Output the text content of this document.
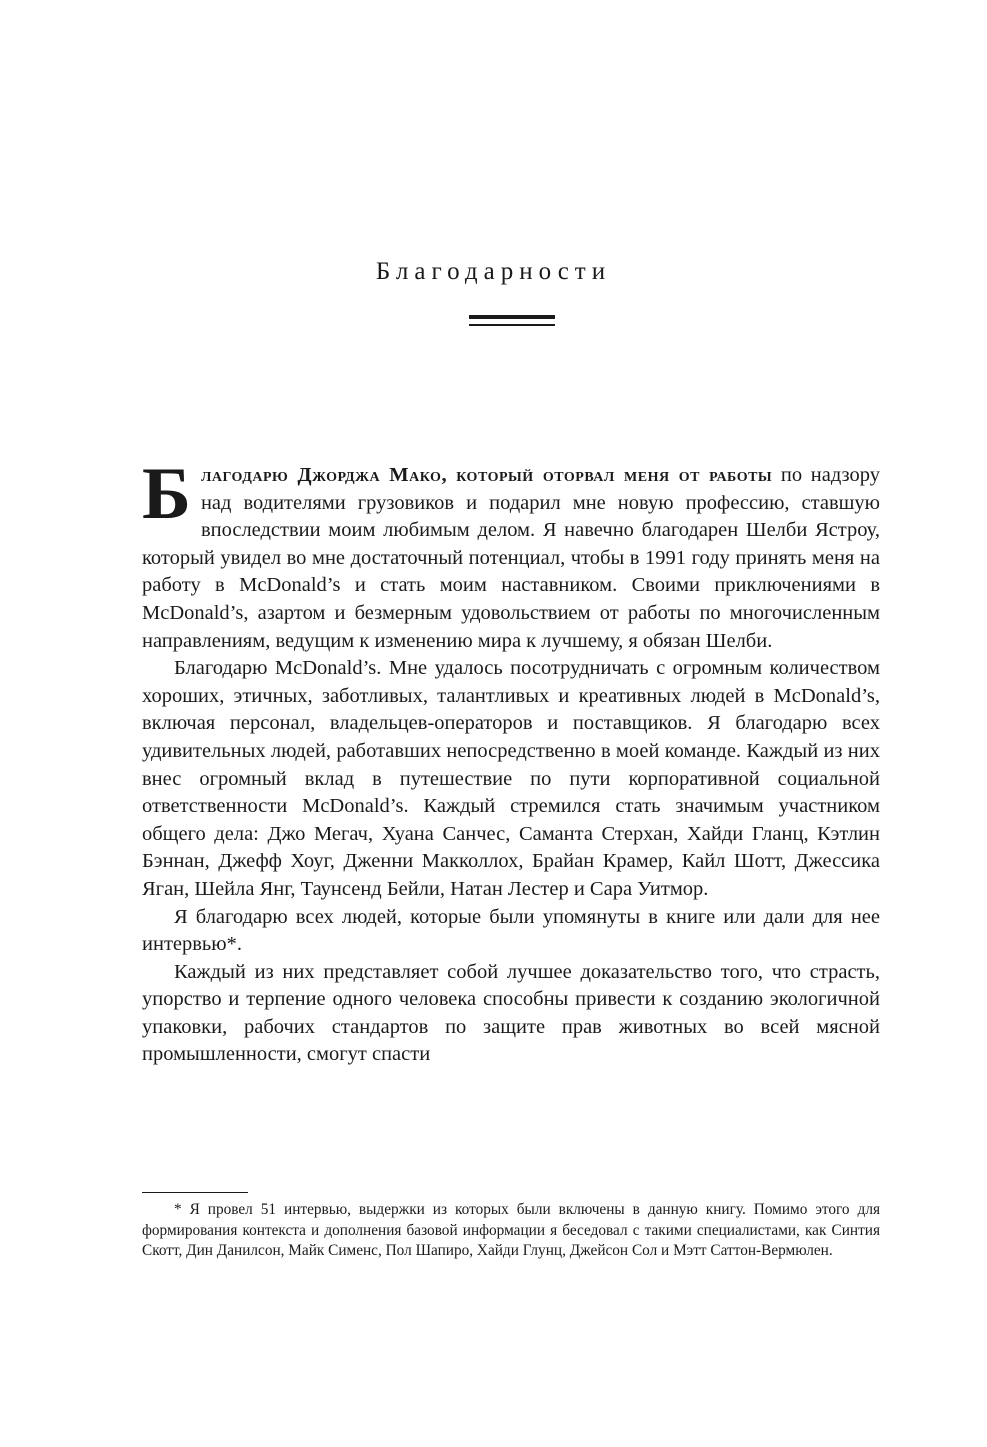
Благодарности

Благодарю Джорджа Мако, который оторвал меня от работы по надзору над водителями грузовиков и подарил мне новую профессию, ставшую впоследствии моим любимым делом. Я навечно благодарен Шелби Ястроу, который увидел во мне достаточный потенциал, чтобы в 1991 году принять меня на работу в McDonald’s и стать моим наставником. Своими приключениями в McDonald’s, азартом и безмерным удовольствием от работы по многочисленным направлениям, ведущим к изменению мира к лучшему, я обязан Шелби.

Благодарю McDonald’s. Мне удалось посотрудничать с огромным количеством хороших, этичных, заботливых, талантливых и креативных людей в McDonald’s, включая персонал, владельцев-операторов и поставщиков. Я благодарю всех удивительных людей, работавших непосредственно в моей команде. Каждый из них внес огромный вклад в путешествие по пути корпоративной социальной ответственности McDonald’s. Каждый стремился стать значимым участником общего дела: Джо Мегач, Хуана Санчес, Саманта Стерхан, Хайди Гланц, Кэтлин Бэннан, Джефф Хоуг, Дженни Макколлох, Брайан Крамер, Кайл Шотт, Джессика Яган, Шейла Янг, Таунсенд Бейли, Натан Лестер и Сара Уитмор.

Я благодарю всех людей, которые были упомянуты в книге или дали для нее интервью*.

Каждый из них представляет собой лучшее доказательство того, что страсть, упорство и терпение одного человека способны привести к созданию экологичной упаковки, рабочих стандартов по защите прав животных во всей мясной промышленности, смогут спасти

* Я провел 51 интервью, выдержки из которых были включены в данную книгу. Помимо этого для формирования контекста и дополнения базовой информации я беседовал с такими специалистами, как Синтия Скотт, Дин Данилсон, Майк Сименс, Пол Шапиро, Хайди Глунц, Джейсон Сол и Мэтт Саттон-Вермюлен.
